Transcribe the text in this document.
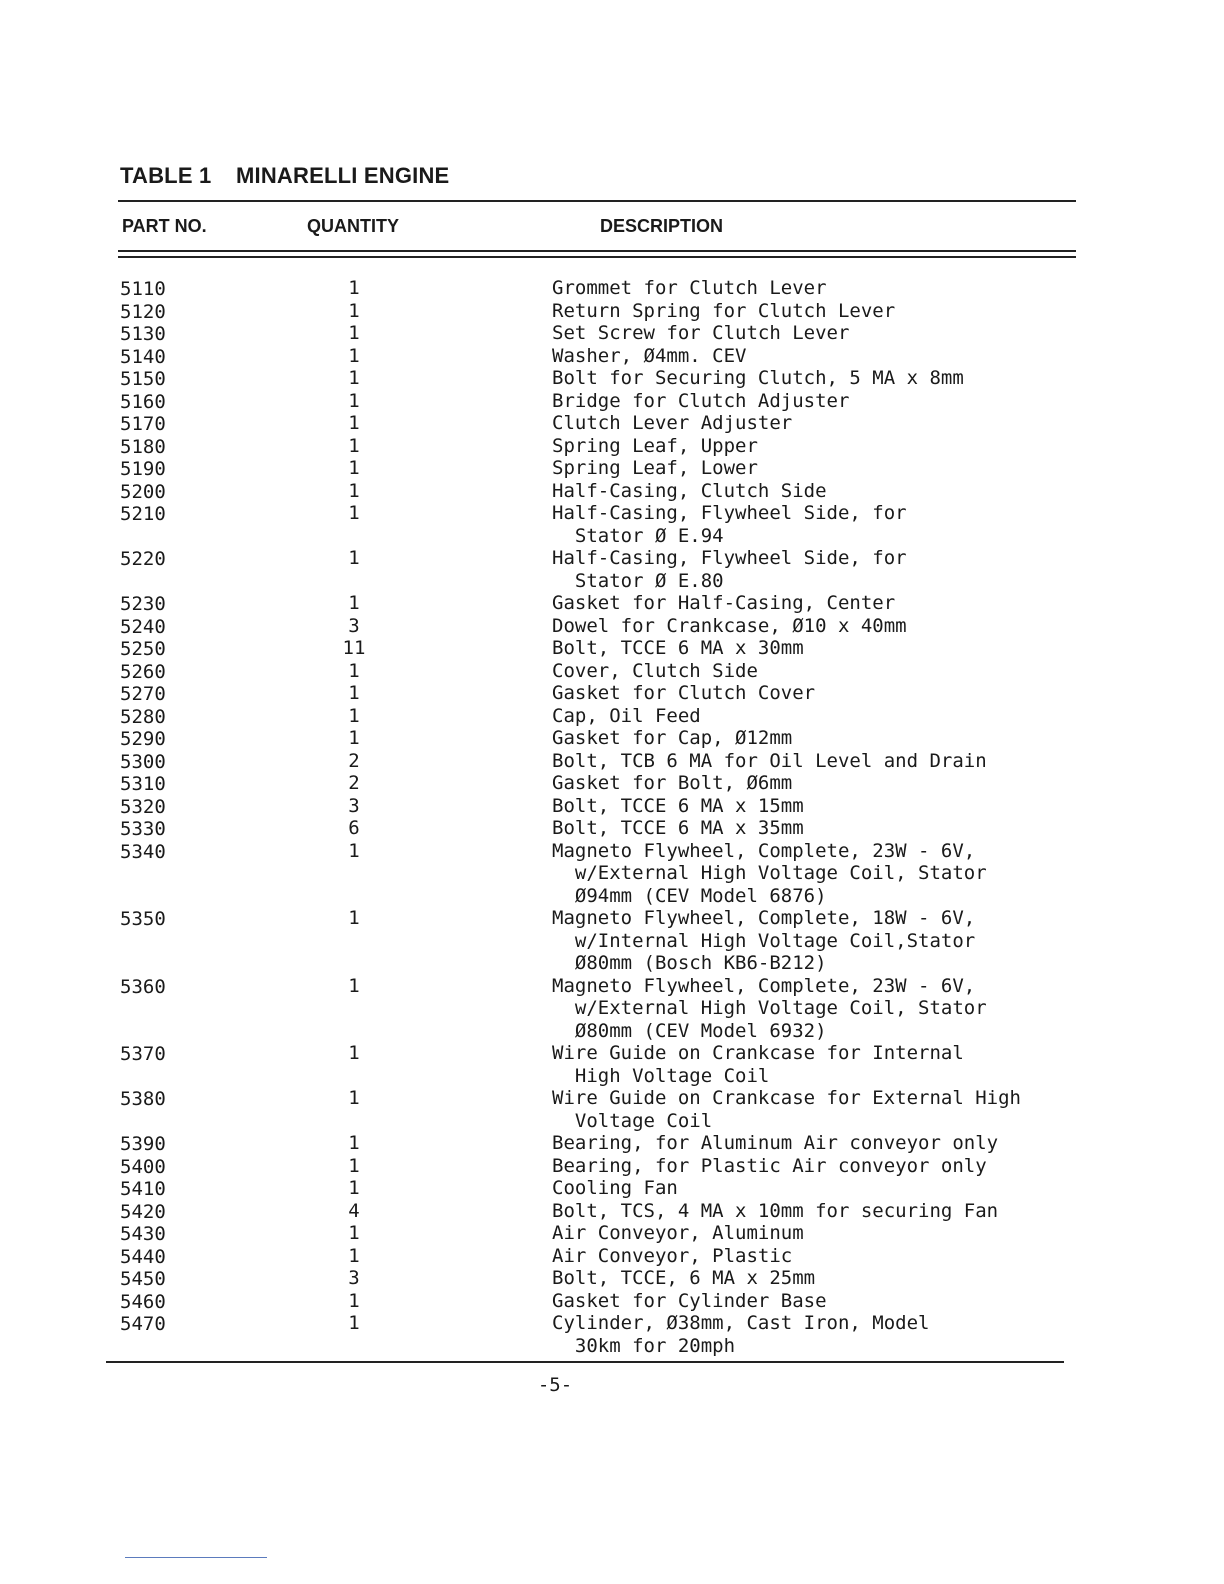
TABLE 1 MINARELLI ENGINE
PART NO.	QUANTITY	DESCRIPTION
5110	1	Grommet for Clutch Lever
5120	1	Return Spring for Clutch Lever
5130	1	Set Screw for Clutch Lever
5140	1	Washer, Ø4mm. CEV
5150	1	Bolt for Securing Clutch, 5 MA x 8mm
5160	1	Bridge for Clutch Adjuster
5170	1	Clutch Lever Adjuster
5180	1	Spring Leaf, Upper
5190	1	Spring Leaf, Lower
5200	1	Half-Casing, Clutch Side
5210	1	Half-Casing, Flywheel Side, for
Stator Ø E.94
5220	1	Half-Casing, Flywheel Side, for
Stator Ø E.80
5230	1	Gasket for Half-Casing, Center
5240	3	Dowel for Crankcase, Ø10 x 40mm
5250	11	Bolt, TCCE 6 MA x 30mm
5260	1	Cover, Clutch Side
5270	1	Gasket for Clutch Cover
5280	1	Cap, Oil Feed
5290	1	Gasket for Cap, Ø12mm
5300	2	Bolt, TCB 6 MA for Oil Level and Drain
5310	2	Gasket for Bolt, Ø6mm
5320	3	Bolt, TCCE 6 MA x 15mm
5330	6	Bolt, TCCE 6 MA x 35mm
5340	1	Magneto Flywheel, Complete, 23W - 6V,
w/External High Voltage Coil, Stator
Ø94mm (CEV Model 6876)
5350	1	Magneto Flywheel, Complete, 18W - 6V,
w/Internal High Voltage Coil,Stator
Ø80mm (Bosch KB6-B212)
5360	1	Magneto Flywheel, Complete, 23W - 6V,
w/External High Voltage Coil, Stator
Ø80mm (CEV Model 6932)
5370	1	Wire Guide on Crankcase for Internal
High Voltage Coil
5380	1	Wire Guide on Crankcase for External High
Voltage Coil
5390	1	Bearing, for Aluminum Air conveyor only
5400	1	Bearing, for Plastic Air conveyor only
5410	1	Cooling Fan
5420	4	Bolt, TCS, 4 MA x 10mm for securing Fan
5430	1	Air Conveyor, Aluminum
5440	1	Air Conveyor, Plastic
5450	3	Bolt, TCCE, 6 MA x 25mm
5460	1	Gasket for Cylinder Base
5470	1	Cylinder, Ø38mm, Cast Iron, Model
30km for 20mph
-5-
